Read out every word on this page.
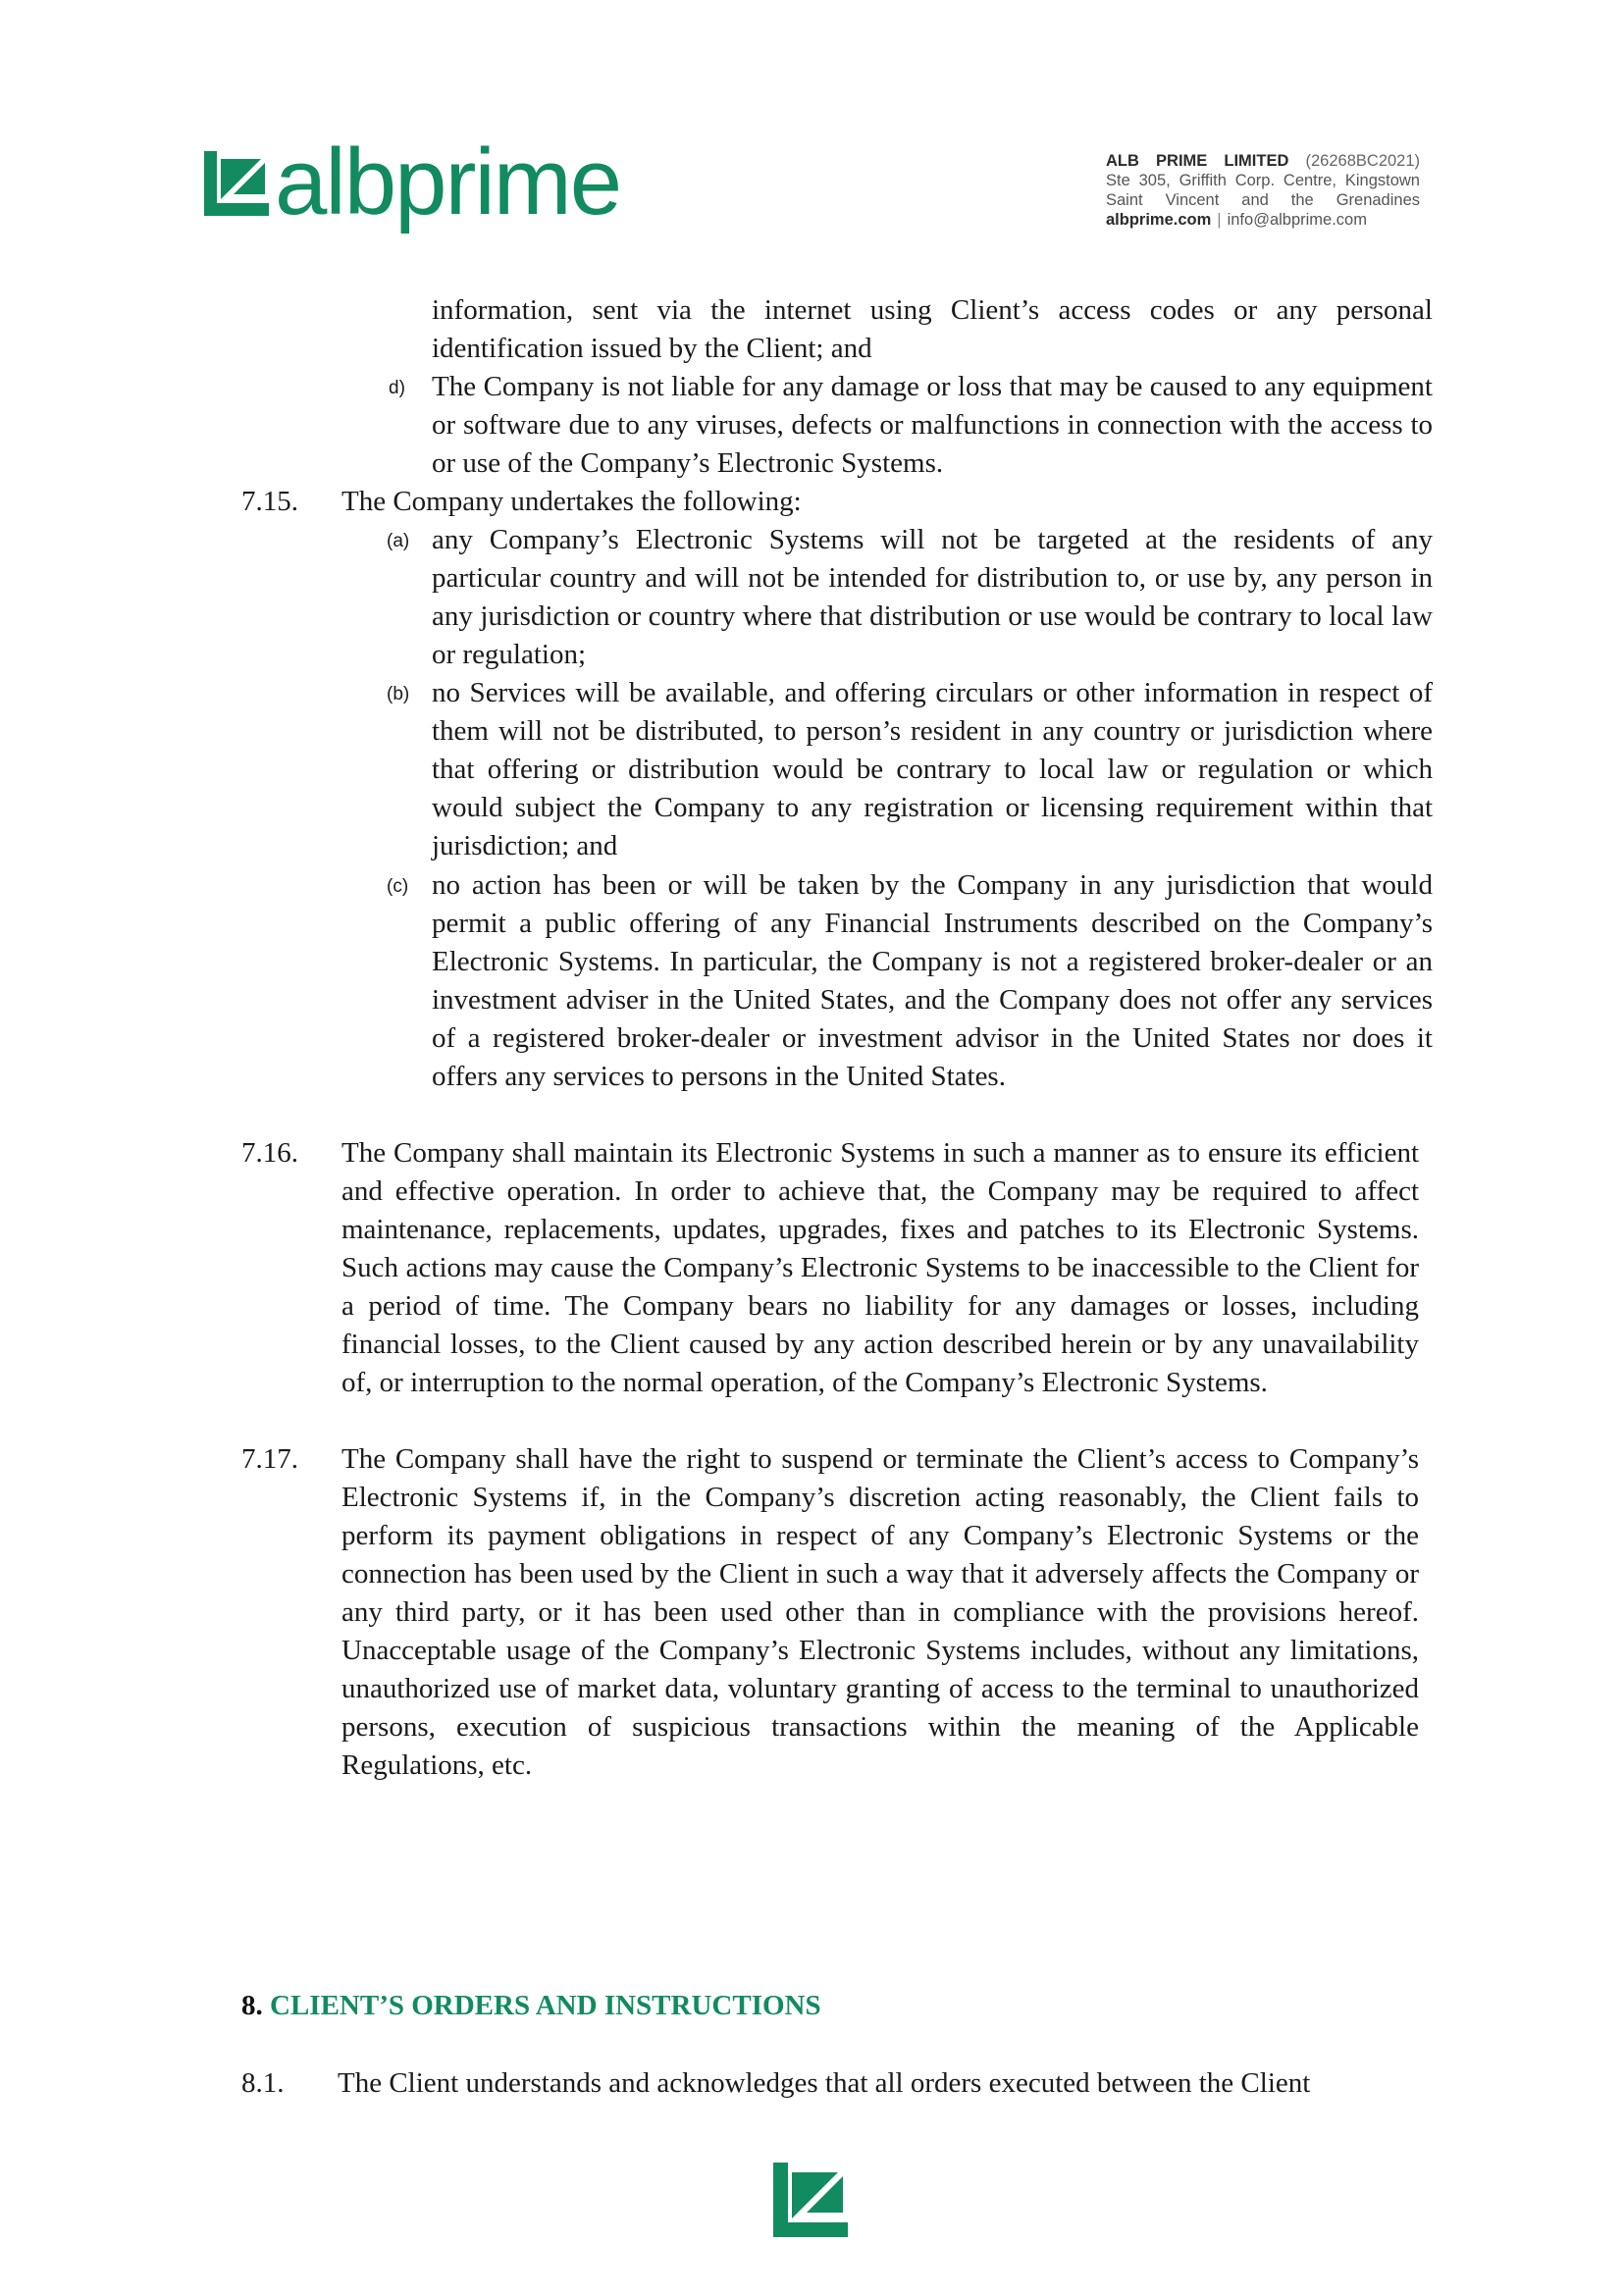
albprime	ALB PRIME LIMITED (26268BC2021)
Ste 305, Griffith Corp. Centre, Kingstown
Saint Vincent and the Grenadines
albprime.com | info@albprime.com
information, sent via the internet using Client’s access codes or any personal identification issued by the Client; and
d) The Company is not liable for any damage or loss that may be caused to any equipment or software due to any viruses, defects or malfunctions in connection with the access to or use of the Company’s Electronic Systems.
7.15. The Company undertakes the following:
(a) any Company’s Electronic Systems will not be targeted at the residents of any particular country and will not be intended for distribution to, or use by, any person in any jurisdiction or country where that distribution or use would be contrary to local law or regulation;
(b) no Services will be available, and offering circulars or other information in respect of them will not be distributed, to person’s resident in any country or jurisdiction where that offering or distribution would be contrary to local law or regulation or which would subject the Company to any registration or licensing requirement within that jurisdiction; and
(c) no action has been or will be taken by the Company in any jurisdiction that would permit a public offering of any Financial Instruments described on the Company’s Electronic Systems. In particular, the Company is not a registered broker-dealer or an investment adviser in the United States, and the Company does not offer any services of a registered broker-dealer or investment advisor in the United States nor does it offers any services to persons in the United States.
7.16. The Company shall maintain its Electronic Systems in such a manner as to ensure its efficient and effective operation. In order to achieve that, the Company may be required to affect maintenance, replacements, updates, upgrades, fixes and patches to its Electronic Systems. Such actions may cause the Company’s Electronic Systems to be inaccessible to the Client for a period of time. The Company bears no liability for any damages or losses, including financial losses, to the Client caused by any action described herein or by any unavailability of, or interruption to the normal operation, of the Company’s Electronic Systems.
7.17. The Company shall have the right to suspend or terminate the Client’s access to Company’s Electronic Systems if, in the Company’s discretion acting reasonably, the Client fails to perform its payment obligations in respect of any Company’s Electronic Systems or the connection has been used by the Client in such a way that it adversely affects the Company or any third party, or it has been used other than in compliance with the provisions hereof. Unacceptable usage of the Company’s Electronic Systems includes, without any limitations, unauthorized use of market data, voluntary granting of access to the terminal to unauthorized persons, execution of suspicious transactions within the meaning of the Applicable Regulations, etc.
8. CLIENT’S ORDERS AND INSTRUCTIONS
8.1. The Client understands and acknowledges that all orders executed between the Client
